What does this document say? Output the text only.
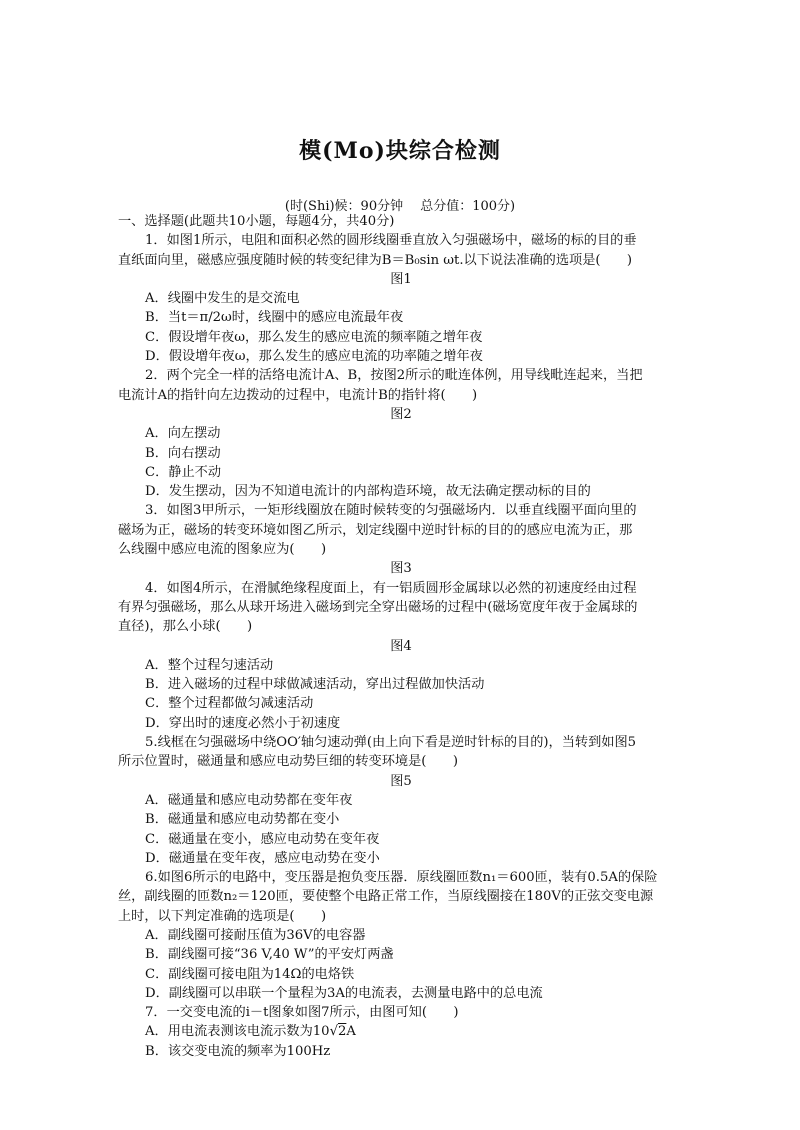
模(Mo)块综合检测
(时(Shi)候：90分钟　 总分值：100分)
一、选择题(此题共10小题，每题4分，共40分)
1．如图1所示，电阻和面积必然的圆形线圈垂直放入匀强磁场中，磁场的标的目的垂
直纸面向里，磁感应强度随时候的转变纪律为B＝B₀sin ωt.以下说法准确的选项是(　　)
图1
A．线圈中发生的是交流电
B．当t＝π/2ω时，线圈中的感应电流最年夜
C．假设增年夜ω，那么发生的感应电流的频率随之增年夜
D．假设增年夜ω，那么发生的感应电流的功率随之增年夜
2．两个完全一样的活络电流计A、B，按图2所示的毗连体例，用导线毗连起来，当把
电流计A的指针向左边拨动的过程中，电流计B的指针将(　　)
图2
A．向左摆动
B．向右摆动
C．静止不动
D．发生摆动，因为不知道电流计的内部构造环境，故无法确定摆动标的目的
3．如图3甲所示，一矩形线圈放在随时候转变的匀强磁场内．以垂直线圈平面向里的
磁场为正，磁场的转变环境如图乙所示，划定线圈中逆时针标的目的的感应电流为正，那
么线圈中感应电流的图象应为(　　)
图3
4．如图4所示，在滑腻绝缘程度面上，有一铝质圆形金属球以必然的初速度经由过程
有界匀强磁场，那么从球开场进入磁场到完全穿出磁场的过程中(磁场宽度年夜于金属球的
直径)，那么小球(　　)
图4
A．整个过程匀速活动
B．进入磁场的过程中球做减速活动，穿出过程做加快活动
C．整个过程都做匀减速活动
D．穿出时的速度必然小于初速度
5.线框在匀强磁场中绕OO′轴匀速动弹(由上向下看是逆时针标的目的)，当转到如图5
所示位置时，磁通量和感应电动势巨细的转变环境是(　　)
图5
A．磁通量和感应电动势都在变年夜
B．磁通量和感应电动势都在变小
C．磁通量在变小，感应电动势在变年夜
D．磁通量在变年夜，感应电动势在变小
6.如图6所示的电路中，变压器是抱负变压器．原线圈匝数n₁＝600匝，装有0.5A的保险
丝，副线圈的匝数n₂＝120匝，要使整个电路正常工作，当原线圈接在180V的正弦交变电源
上时，以下判定准确的选项是(　　)
A．副线圈可接耐压值为36V的电容器
B．副线圈可接“36 V,40 W”的平安灯两盏
C．副线圈可接电阻为14Ω的电烙铁
D．副线圈可以串联一个量程为3A的电流表，去测量电路中的总电流
7．一交变电流的i－t图象如图7所示，由图可知(　　)
A．用电流表测该电流示数为10√2A
B．该交变电流的频率为100Hz
